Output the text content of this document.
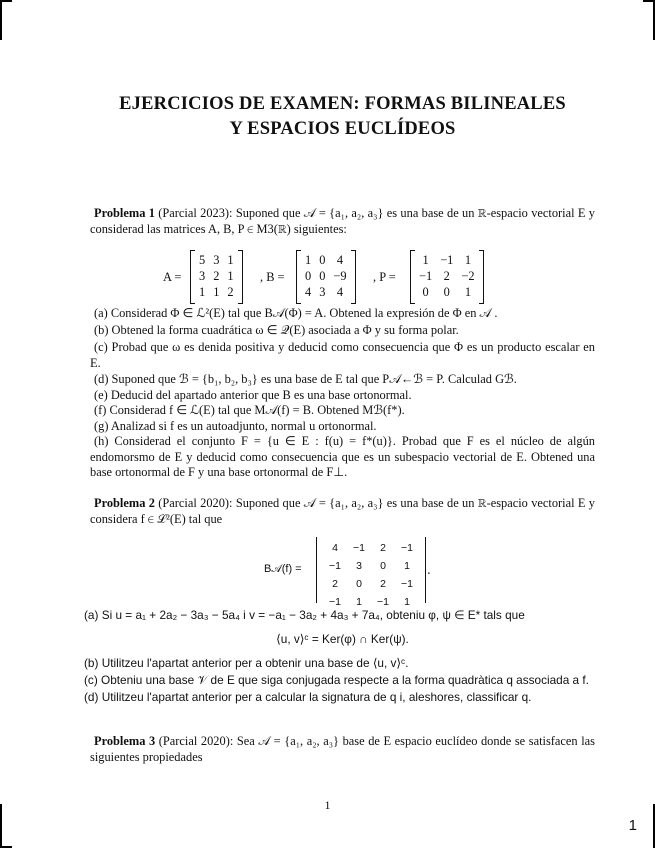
EJERCICIOS DE EXAMEN: FORMAS BILINEALES
Y ESPACIOS EUCLÍDEOS
Problema 1 (Parcial 2023): Suponed que 𝒜 = {a₁, a₂, a₃} es una base de un ℝ-espacio vectorial E y considerad las matrices A, B, P ∈ M3(ℝ) siguientes:
A =
5	3	1
3	2	1
1	1	2
, B =
1	0	4
0	0	−9
4	3	4
, P =
1	−1	1
−1	2	−2
0	0	1
(a) Considerad Φ ∈ ℒ²(E) tal que B𝒜(Φ) = A. Obtened la expresión de Φ en 𝒜 .
(b) Obtened la forma cuadrática ω ∈ 𝒬(E) asociada a Φ y su forma polar.
(c) Probad que ω es denida positiva y deducid como consecuencia que Φ es un producto escalar en E.
(d) Suponed que ℬ = {b₁, b₂, b₃} es una base de E tal que P𝒜←ℬ = P. Calculad Gℬ.
(e) Deducid del apartado anterior que B es una base ortonormal.
(f) Considerad f ∈ ℒ(E) tal que M𝒜(f) = B. Obtened Mℬ(f*).
(g) Analizad si f es un autoadjunto, normal u ortonormal.
(h) Considerad el conjunto F = {u ∈ E : f(u) = f*(u)}. Probad que F es el núcleo de algún endomorsmo de E y deducid como consecuencia que es un subespacio vectorial de E. Obtened una base ortonormal de F y una base ortonormal de F⊥.
Problema 2 (Parcial 2020): Suponed que 𝒜 = {a₁, a₂, a₃} es una base de un ℝ-espacio vectorial E y considera f ∈ ℒ²(E) tal que
B𝒜(f) =
4	−1	2	−1
−1	3	0	1
2	0	2	−1
−1	1	−1	1
.
(a) Si u = a₁ + 2a₂ − 3a₃ − 5a₄ i v = −a₁ − 3a₂ + 4a₃ + 7a₄, obteniu φ, ψ ∈ E* tals que
⟨u, v⟩ᶜ = Ker(φ) ∩ Ker(ψ).
(b) Utilitzeu l'apartat anterior per a obtenir una base de ⟨u, v⟩ᶜ.
(c) Obteniu una base 𝒱 de E que siga conjugada respecte a la forma quadràtica q associada a f.
(d) Utilitzeu l'apartat anterior per a calcular la signatura de q i, aleshores, classificar q.
Problema 3 (Parcial 2020): Sea 𝒜 = {a₁, a₂, a₃} base de E espacio euclídeo donde se satisfacen las siguientes propiedades
1
1
